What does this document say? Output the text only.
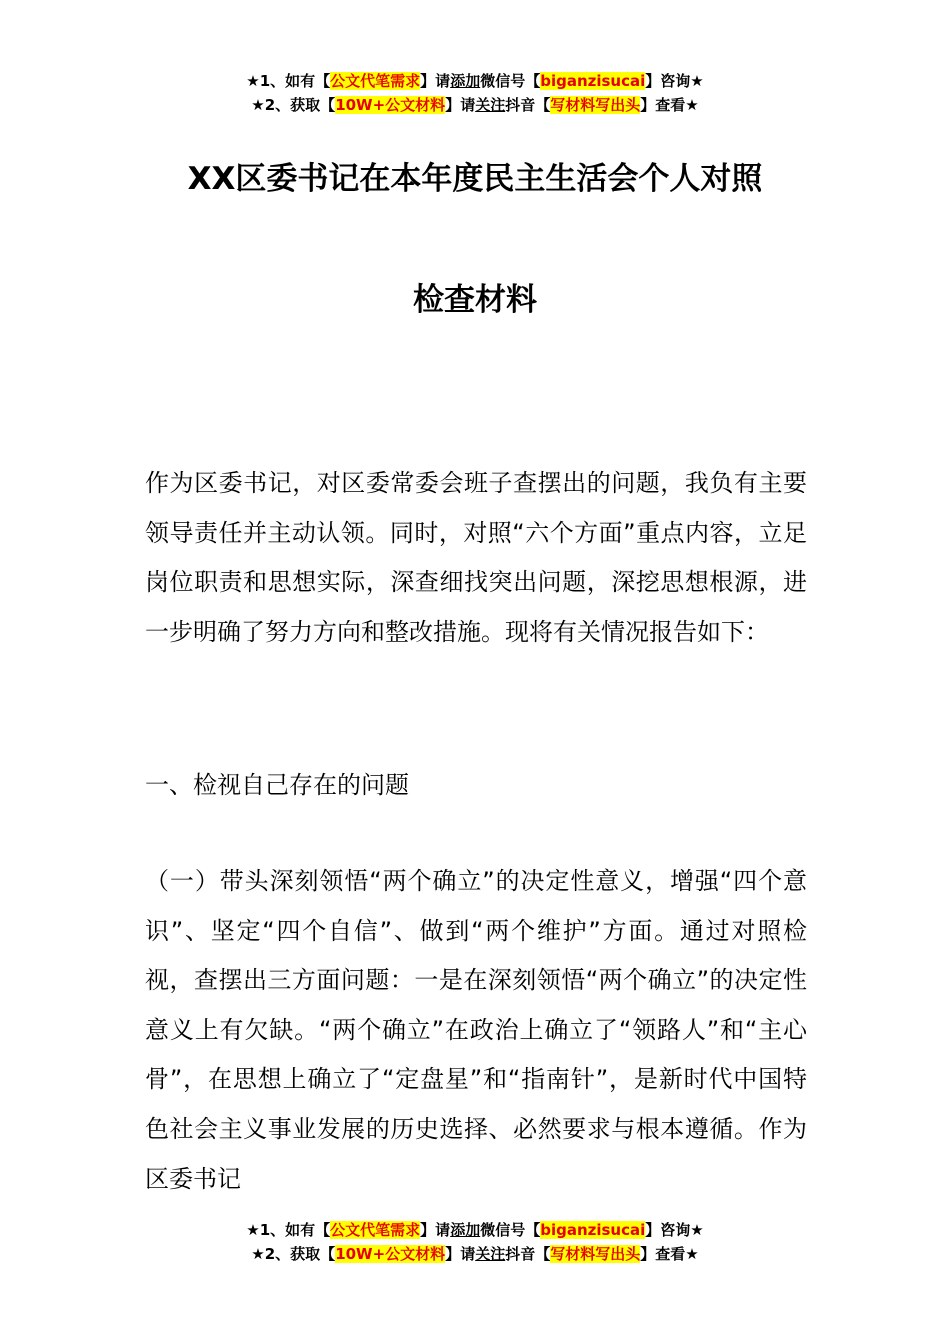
★1、如有【公文代笔需求】请添加微信号【biganzisucai】咨询★
★2、获取【10W+公文材料】请关注抖音【写材料写出头】查看★
XX区委书记在本年度民主生活会个人对照
检查材料

作为区委书记，对区委常委会班子查摆出的问题，我负有主要领导责任并主动认领。同时，对照“六个方面”重点内容，立足岗位职责和思想实际，深查细找突出问题，深挖思想根源，进一步明确了努力方向和整改措施。现将有关情况报告如下：

一、检视自己存在的问题

（一）带头深刻领悟“两个确立”的决定性意义，增强“四个意识”、坚定“四个自信”、做到“两个维护”方面。通过对照检视，查摆出三方面问题：一是在深刻领悟“两个确立”的决定性意义上有欠缺。“两个确立”在政治上确立了“领路人”和“主心骨”，在思想上确立了“定盘星”和“指南针”，是新时代中国特色社会主义事业发展的历史选择、必然要求与根本遵循。作为区委书记

★1、如有【公文代笔需求】请添加微信号【biganzisucai】咨询★
★2、获取【10W+公文材料】请关注抖音【写材料写出头】查看★
